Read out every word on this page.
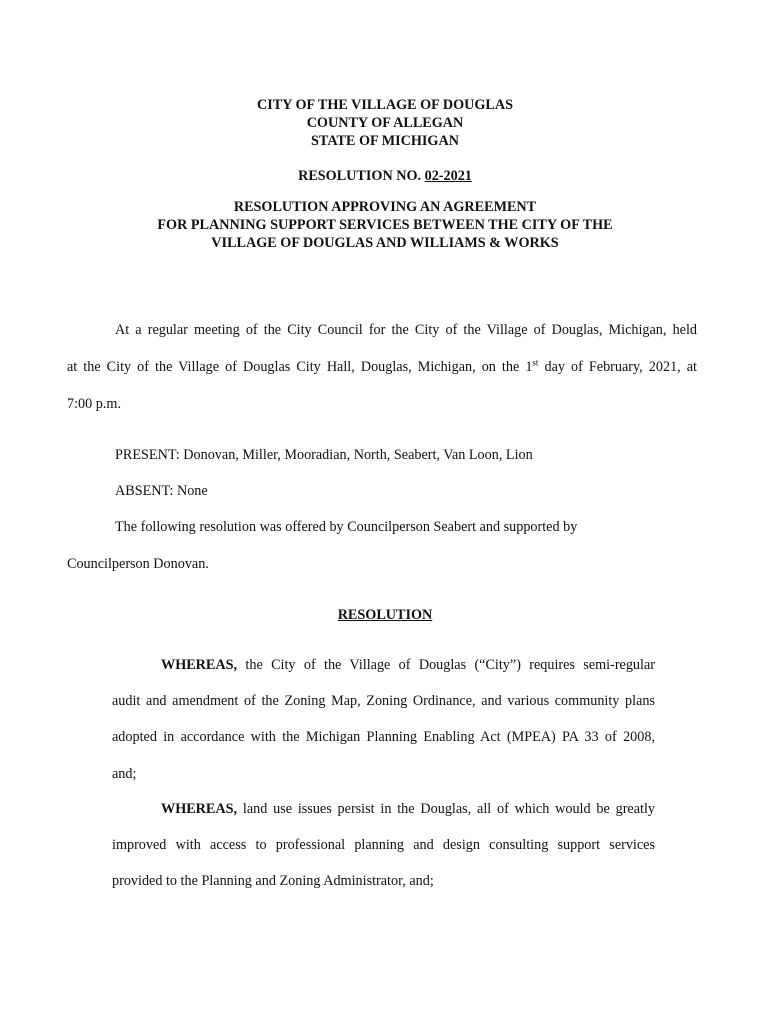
CITY OF THE VILLAGE OF DOUGLAS
COUNTY OF ALLEGAN
STATE OF MICHIGAN
RESOLUTION NO. 02-2021
RESOLUTION APPROVING AN AGREEMENT
FOR PLANNING SUPPORT SERVICES BETWEEN THE CITY OF THE
VILLAGE OF DOUGLAS AND WILLIAMS & WORKS
At a regular meeting of the City Council for the City of the Village of Douglas, Michigan, held
at the City of the Village of Douglas City Hall, Douglas, Michigan, on the 1st day of February, 2021, at
7:00 p.m.
PRESENT: Donovan, Miller, Mooradian, North, Seabert, Van Loon, Lion
ABSENT: None
The following resolution was offered by Councilperson Seabert and supported by
Councilperson Donovan.
RESOLUTION
WHEREAS, the City of the Village of Douglas (“City”) requires semi-regular
audit and amendment of the Zoning Map, Zoning Ordinance, and various community plans
adopted in accordance with the Michigan Planning Enabling Act (MPEA) PA 33 of 2008,
and;
WHEREAS, land use issues persist in the Douglas, all of which would be greatly
improved with access to professional planning and design consulting support services
provided to the Planning and Zoning Administrator, and;
